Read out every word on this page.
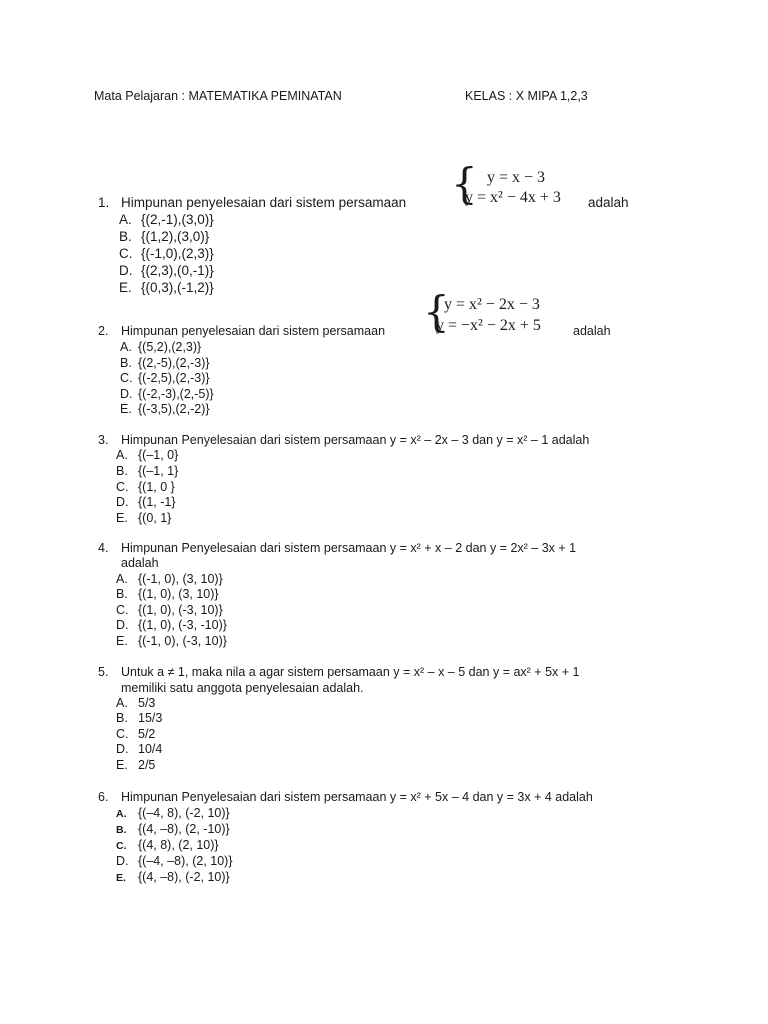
Mata Pelajaran : MATEMATIKA PEMINATAN	KELAS : X MIPA 1,2,3
1. Himpunan penyelesaian dari sistem persamaan { y = x − 3
y = x² − 4x + 3 adalah
A. {(2,-1),(3,0)}
B. {(1,2),(3,0)}
C. {(-1,0),(2,3)}
D. {(2,3),(0,-1)}
E. {(0,3),(-1,2)}
2. Himpunan penyelesaian dari sistem persamaan {
y = x² − 2x − 3
y = −x² − 2x + 5	adalah
A. {(5,2),(2,3)}
B. {(2,-5),(2,-3)}
C. {(-2,5),(2,-3)}
D. {(-2,-3),(2,-5)}
E. {(-3,5),(2,-2)}
3. Himpunan Penyelesaian dari sistem persamaan y = x² – 2x – 3 dan y = x² – 1 adalah
A. {(–1, 0}
B. {(–1, 1}
C. {(1, 0 }
D. {(1, -1}
E. {(0, 1}
4. Himpunan Penyelesaian dari sistem persamaan y = x² + x – 2 dan y = 2x² – 3x + 1
adalah
A. {(-1, 0), (3, 10)}
B. {(1, 0), (3, 10)}
C. {(1, 0), (-3, 10)}
D. {(1, 0), (-3, -10)}
E. {(-1, 0), (-3, 10)}
5. Untuk a ≠ 1, maka nila a agar sistem persamaan y = x² – x – 5 dan y = ax² + 5x + 1
memiliki satu anggota penyelesaian adalah.
A. 5/3
B. 15/3
C. 5/2
D. 10/4
E. 2/5
6. Himpunan Penyelesaian dari sistem persamaan y = x² + 5x – 4 dan y = 3x + 4 adalah
A. {(–4, 8), (-2, 10)}
B. {(4, –8), (2, -10)}
C. {(4, 8), (2, 10)}
D. {(–4, –8), (2, 10)}
E. {(4, –8), (-2, 10)}
